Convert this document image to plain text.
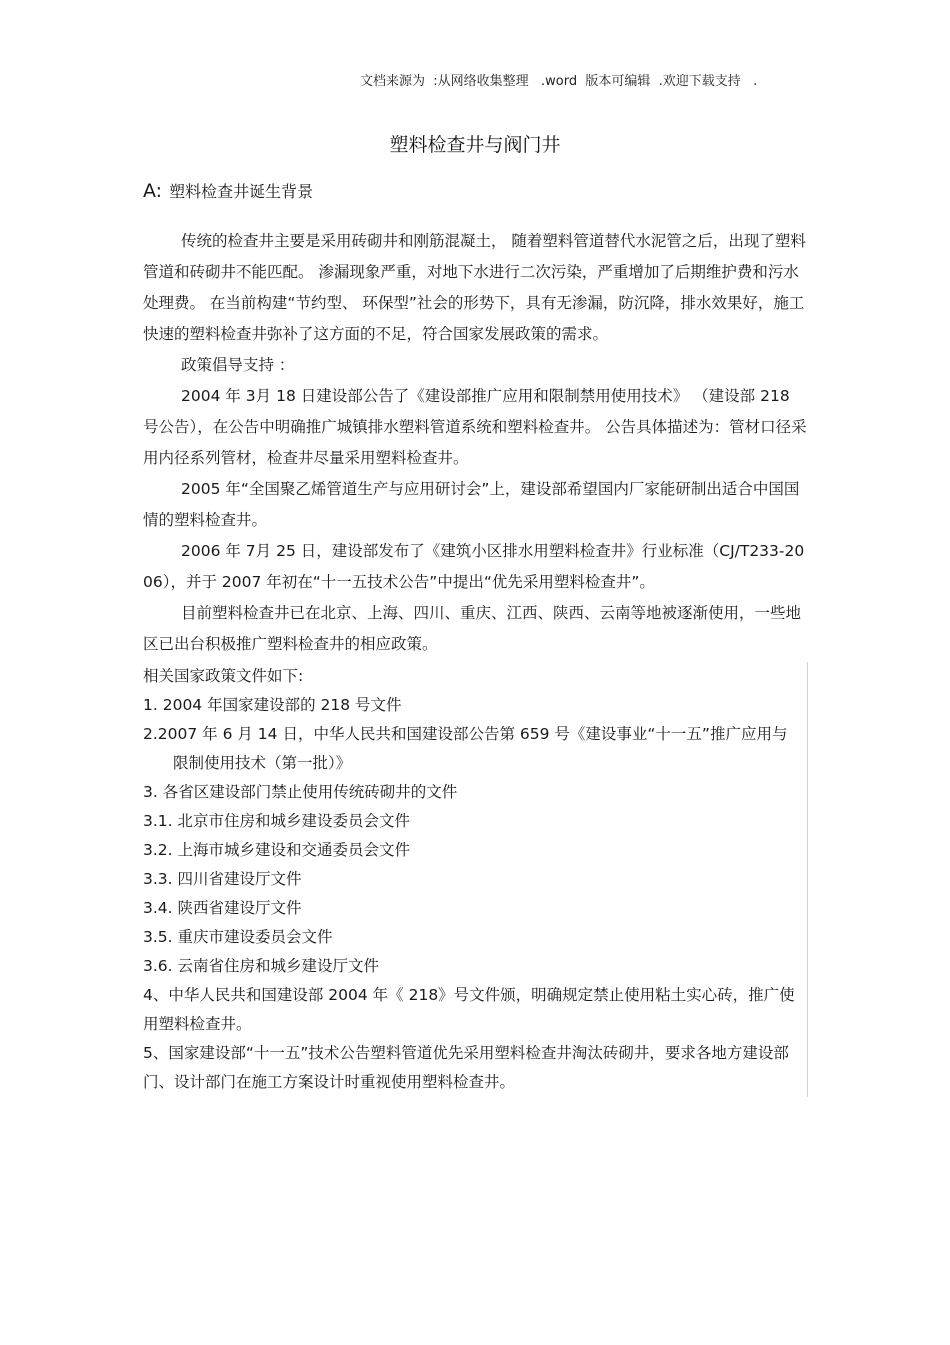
文档来源为  :从网络收集整理   .word  版本可编辑  .欢迎下载支持   .
塑料检查井与阀门井
A: 塑料检查井诞生背景

传统的检查井主要是采用砖砌井和刚筋混凝土， 随着塑料管道替代水泥管之后，出现了塑料管道和砖砌井不能匹配。 渗漏现象严重，对地下水进行二次污染，严重增加了后期维护费和污水处理费。 在当前构建“节约型、 环保型”社会的形势下，具有无渗漏，防沉降，排水效果好，施工快速的塑料检查井弥补了这方面的不足，符合国家发展政策的需求。

政策倡导支持 ：

2004 年 3月 18 日建设部公告了《建设部推广应用和限制禁用使用技术》 （建设部 218 号公告），在公告中明确推广城镇排水塑料管道系统和塑料检查井。 公告具体描述为：管材口径采用内径系列管材，检查井尽量采用塑料检查井。

2005 年“全国聚乙烯管道生产与应用研讨会”上，建设部希望国内厂家能研制出适合中国国情的塑料检查井。

2006 年 7月 25 日，建设部发布了《建筑小区排水用塑料检查井》行业标准（CJ/T233-2006），并于 2007 年初在“十一五技术公告”中提出“优先采用塑料检查井”。

目前塑料检查井已在北京、上海、四川、重庆、江西、陕西、云南等地被逐渐使用，一些地区已出台积极推广塑料检查井的相应政策。

相关国家政策文件如下:

1. 2004 年国家建设部的 218 号文件

2.2007 年 6 月 14 日，中华人民共和国建设部公告第 659 号《建设事业“十一五”推广应用与限制使用技术（第一批）》

3. 各省区建设部门禁止使用传统砖砌井的文件

3.1. 北京市住房和城乡建设委员会文件

3.2. 上海市城乡建设和交通委员会文件

3.3. 四川省建设厅文件

3.4. 陕西省建设厅文件

3.5. 重庆市建设委员会文件

3.6. 云南省住房和城乡建设厅文件

4、中华人民共和国建设部 2004 年《 218》号文件颁，明确规定禁止使用粘土实心砖，推广使用塑料检查井。

5、国家建设部“十一五”技术公告塑料管道优先采用塑料检查井淘汰砖砌井，要求各地方建设部门、设计部门在施工方案设计时重视使用塑料检查井。
